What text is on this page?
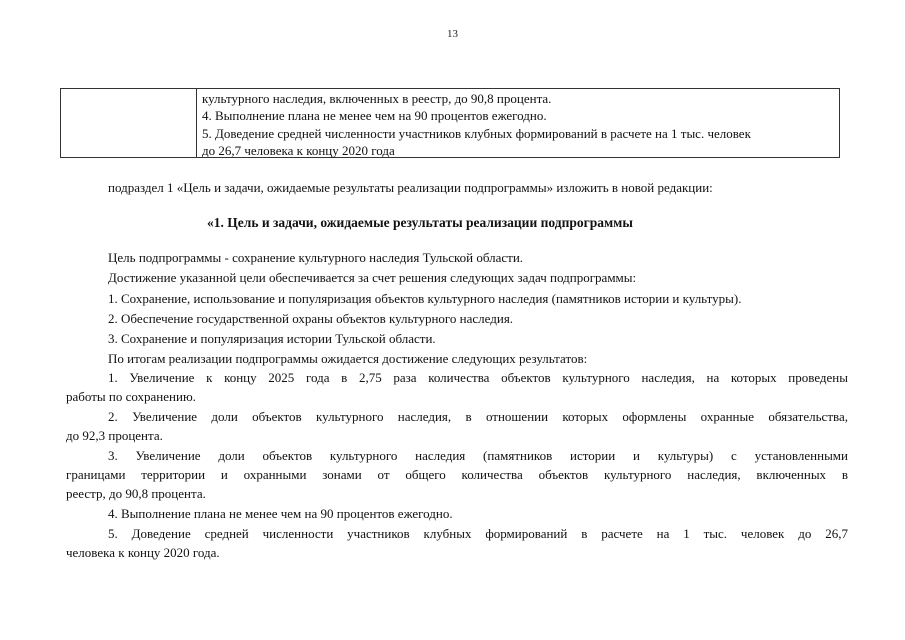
13
культурного наследия, включенных в реестр, до 90,8 процента.
4. Выполнение плана не менее чем на 90 процентов ежегодно.
5. Доведение средней численности участников клубных формирований в расчете на 1 тыс. человек
до 26,7 человека к концу 2020 года
подраздел 1 «Цель и задачи, ожидаемые результаты реализации подпрограммы» изложить в новой редакции:
«1. Цель и задачи, ожидаемые результаты реализации подпрограммы
Цель подпрограммы - сохранение культурного наследия Тульской области.
Достижение указанной цели обеспечивается за счет решения следующих задач подпрограммы:
1. Сохранение, использование и популяризация объектов культурного наследия (памятников истории и культуры).
2. Обеспечение государственной охраны объектов культурного наследия.
3. Сохранение и популяризация истории Тульской области.
По итогам реализации подпрограммы ожидается достижение следующих результатов:
1. Увеличение к концу 2025 года в 2,75 раза количества объектов культурного наследия, на которых проведены
работы по сохранению.
2. Увеличение доли объектов культурного наследия, в отношении которых оформлены охранные обязательства,
до 92,3 процента.
3. Увеличение доли объектов культурного наследия (памятников истории и культуры) с установленными
границами территории и охранными зонами от общего количества объектов культурного наследия, включенных в
реестр, до 90,8 процента.
4. Выполнение плана не менее чем на 90 процентов ежегодно.
5. Доведение средней численности участников клубных формирований в расчете на 1 тыс. человек до 26,7
человека к концу 2020 года.
